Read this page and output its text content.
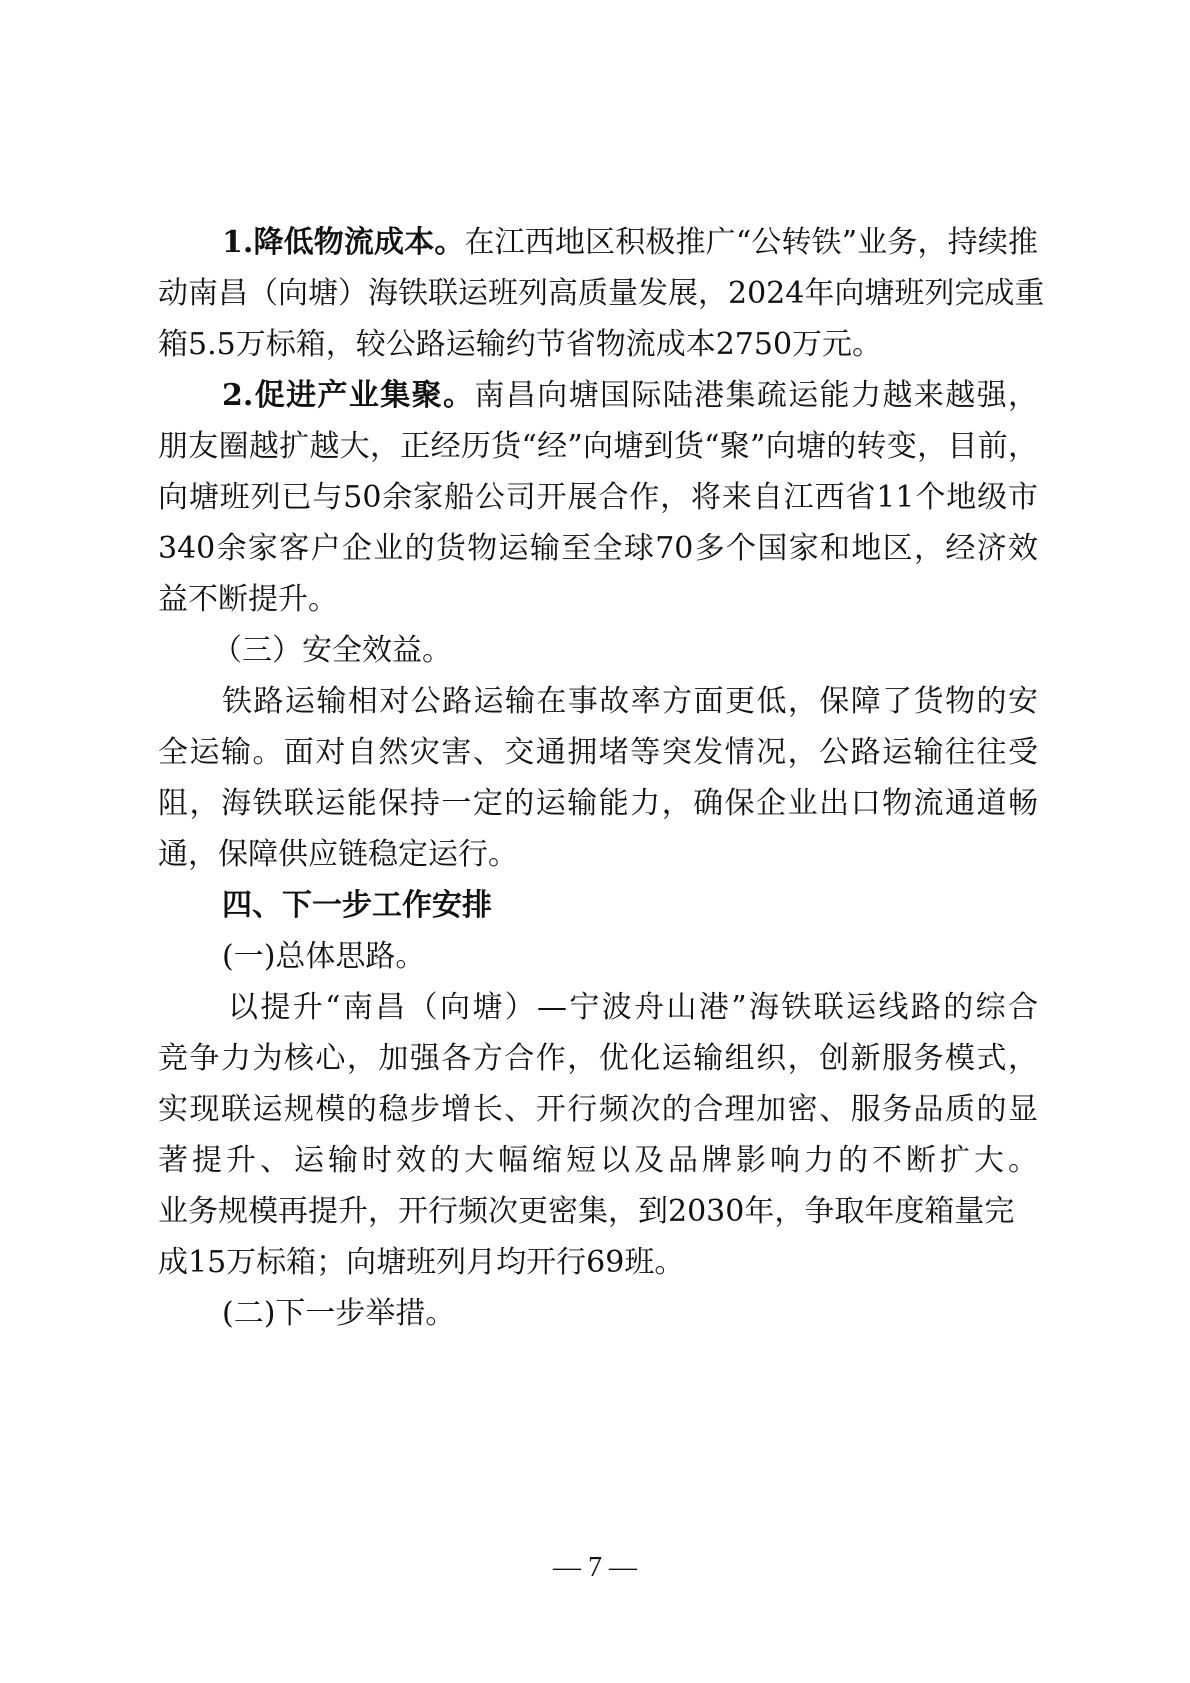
1.降低物流成本。在江西地区积极推广“公转铁”业务，持续推
动南昌（向塘）海铁联运班列高质量发展，2024年向塘班列完成重
箱5.5万标箱，较公路运输约节省物流成本2750万元。
2.促进产业集聚。南昌向塘国际陆港集疏运能力越来越强，
朋友圈越扩越大，正经历货“经”向塘到货“聚”向塘的转变，目前，
向塘班列已与50余家船公司开展合作，将来自江西省11个地级市
340余家客户企业的货物运输至全球70多个国家和地区，经济效
益不断提升。
（三）安全效益。
铁路运输相对公路运输在事故率方面更低，保障了货物的安
全运输。面对自然灾害、交通拥堵等突发情况，公路运输往往受
阻，海铁联运能保持一定的运输能力，确保企业出口物流通道畅
通，保障供应链稳定运行。
四、下一步工作安排
(一)总体思路。
以提升“南昌（向塘）—宁波舟山港”海铁联运线路的综合
竞争力为核心，加强各方合作，优化运输组织，创新服务模式，
实现联运规模的稳步增长、开行频次的合理加密、服务品质的显
著提升、运输时效的大幅缩短以及品牌影响力的不断扩大。
业务规模再提升，开行频次更密集，到2030年，争取年度箱量完
成15万标箱；向塘班列月均开行69班。
(二)下一步举措。
— 7 —
